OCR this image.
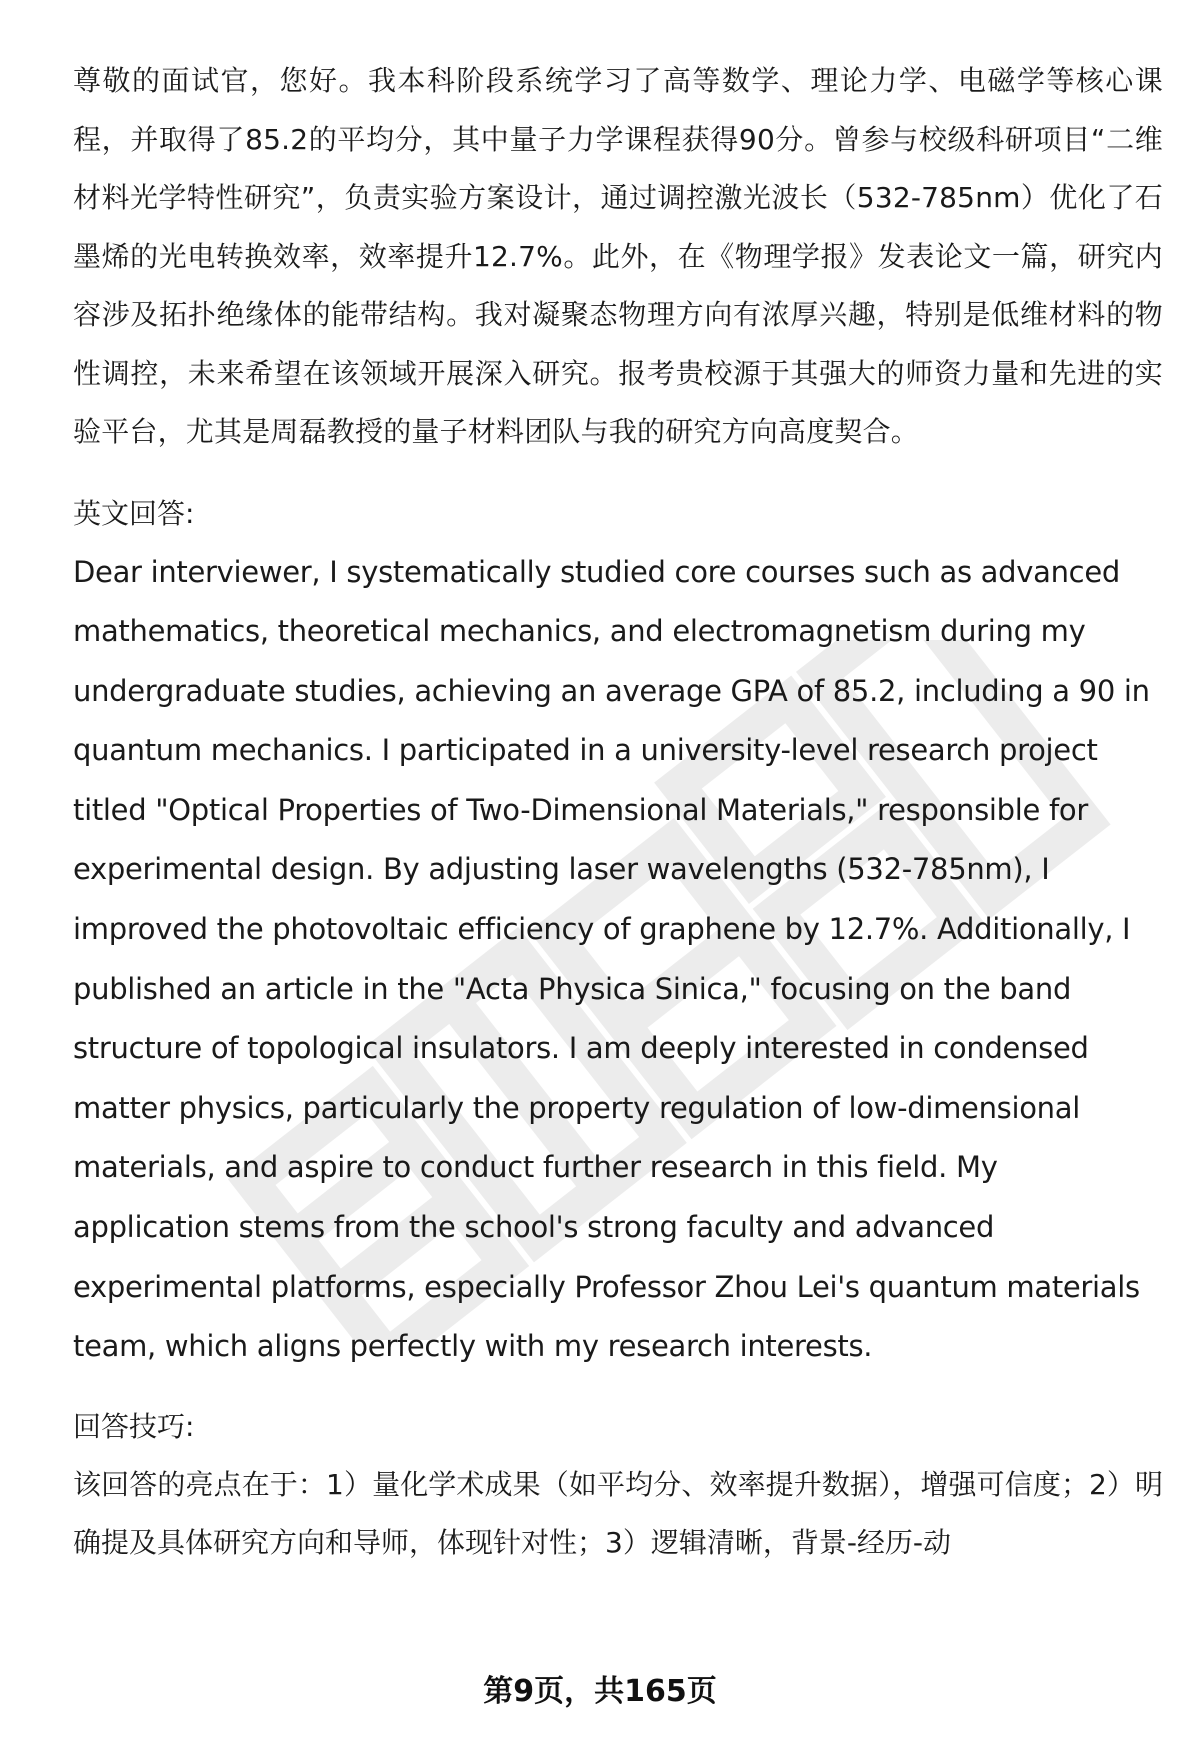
尊敬的面试官，您好。我本科阶段系统学习了高等数学、理论力学、电磁学等核心课程，并取得了85.2的平均分，其中量子力学课程获得90分。曾参与校级科研项目“二维材料光学特性研究”，负责实验方案设计，通过调控激光波长（532-785nm）优化了石墨烯的光电转换效率，效率提升12.7%。此外，在《物理学报》发表论文一篇，研究内容涉及拓扑绝缘体的能带结构。我对凝聚态物理方向有浓厚兴趣，特别是低维材料的物性调控，未来希望在该领域开展深入研究。报考贵校源于其强大的师资力量和先进的实验平台，尤其是周磊教授的量子材料团队与我的研究方向高度契合。

英文回答:

Dear interviewer, I systematically studied core courses such as advanced mathematics, theoretical mechanics, and electromagnetism during my undergraduate studies, achieving an average GPA of 85.2, including a 90 in quantum mechanics. I participated in a university-level research project titled "Optical Properties of Two-Dimensional Materials," responsible for experimental design. By adjusting laser wavelengths (532-785nm), I improved the photovoltaic efficiency of graphene by 12.7%. Additionally, I published an article in the "Acta Physica Sinica," focusing on the band structure of topological insulators. I am deeply interested in condensed matter physics, particularly the property regulation of low-dimensional materials, and aspire to conduct further research in this field. My application stems from the school's strong faculty and advanced experimental platforms, especially Professor Zhou Lei's quantum materials team, which aligns perfectly with my research interests.

回答技巧:

该回答的亮点在于：1）量化学术成果（如平均分、效率提升数据），增强可信度；2）明确提及具体研究方向和导师，体现针对性；3）逻辑清晰，背景-经历-动

第9页，共165页
